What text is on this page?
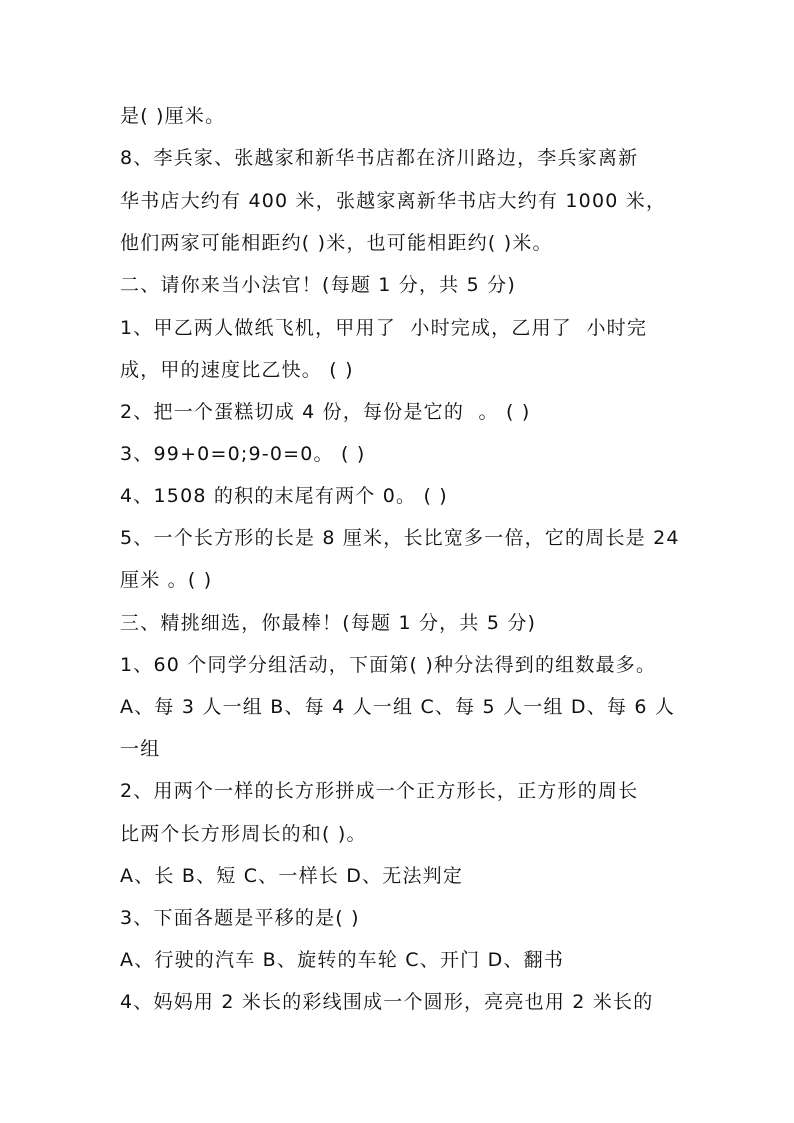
是( )厘米。
8、李兵家、张越家和新华书店都在济川路边，李兵家离新
华书店大约有 400 米，张越家离新华书店大约有 1000 米，
他们两家可能相距约( )米，也可能相距约( )米。
二、请你来当小法官！(每题 1 分，共 5 分)
1、甲乙两人做纸飞机，甲用了  小时完成，乙用了  小时完
成，甲的速度比乙快。 ( )
2、把一个蛋糕切成 4 份，每份是它的  。 ( )
3、99+0=0;9-0=0。 ( )
4、1508 的积的末尾有两个 0。 ( )
5、一个长方形的长是 8 厘米，长比宽多一倍，它的周长是 24
厘米 。( )
三、精挑细选，你最棒！(每题 1 分，共 5 分)
1、60 个同学分组活动，下面第( )种分法得到的组数最多。
A、每 3 人一组 B、每 4 人一组 C、每 5 人一组 D、每 6 人
一组
2、用两个一样的长方形拼成一个正方形长，正方形的周长
比两个长方形周长的和( )。
A、长 B、短 C、一样长 D、无法判定
3、下面各题是平移的是( )
A、行驶的汽车 B、旋转的车轮 C、开门 D、翻书
4、妈妈用 2 米长的彩线围成一个圆形，亮亮也用 2 米长的
